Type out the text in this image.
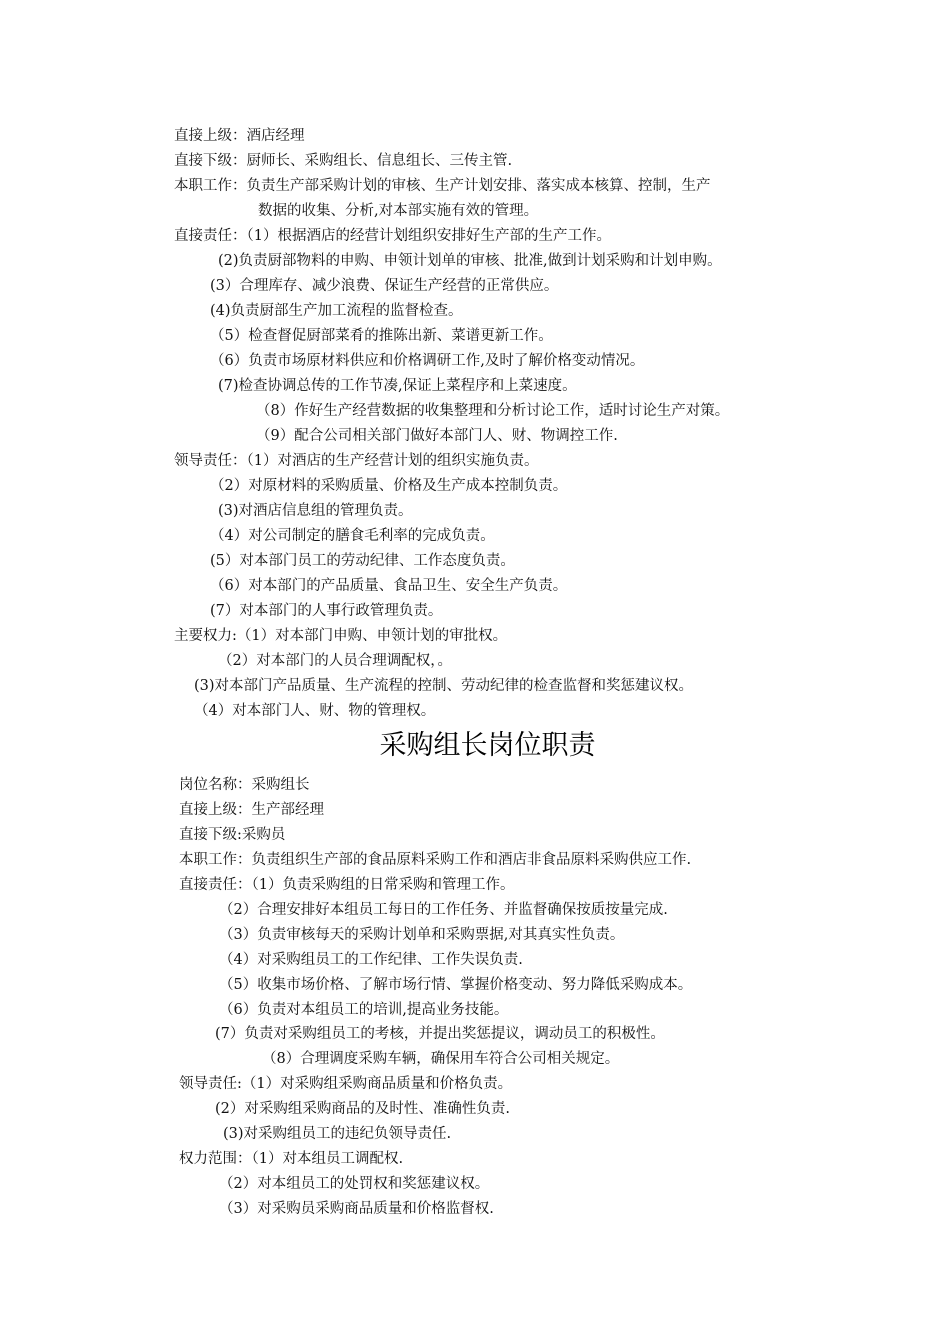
直接上级：酒店经理
直接下级：厨师长、采购组长、信息组长、三传主管.
本职工作：负责生产部采购计划的审核、生产计划安排、落实成本核算、控制，生产
数据的收集、分析,对本部实施有效的管理。
直接责任：（1）根据酒店的经营计划组织安排好生产部的生产工作。
(2)负责厨部物料的申购、申领计划单的审核、批准,做到计划采购和计划申购。
(3）合理库存、减少浪费、保证生产经营的正常供应。
(4)负责厨部生产加工流程的监督检查。
（5）检查督促厨部菜肴的推陈出新、菜谱更新工作。
（6）负责市场原材料供应和价格调研工作,及时了解价格变动情况。
(7)检查协调总传的工作节凑,保证上菜程序和上菜速度。
（8）作好生产经营数据的收集整理和分析讨论工作，适时讨论生产对策。
（9）配合公司相关部门做好本部门人、财、物调控工作.
领导责任：（1）对酒店的生产经营计划的组织实施负责。
（2）对原材料的采购质量、价格及生产成本控制负责。
(3)对酒店信息组的管理负责。
（4）对公司制定的膳食毛利率的完成负责。
(5）对本部门员工的劳动纪律、工作态度负责。
（6）对本部门的产品质量、食品卫生、安全生产负责。
(7）对本部门的人事行政管理负责。
主要权力:（1）对本部门申购、申领计划的审批权。
（2）对本部门的人员合理调配权，。
(3)对本部门产品质量、生产流程的控制、劳动纪律的检查监督和奖惩建议权。
（4）对本部门人、财、物的管理权。
采购组长岗位职责
岗位名称：采购组长
直接上级：生产部经理
直接下级:采购员
本职工作：负责组织生产部的食品原料采购工作和酒店非食品原料采购供应工作.
直接责任：（1）负责采购组的日常采购和管理工作。
（2）合理安排好本组员工每日的工作任务、并监督确保按质按量完成.
（3）负责审核每天的采购计划单和采购票据,对其真实性负责。
（4）对采购组员工的工作纪律、工作失误负责.
（5）收集市场价格、了解市场行情、掌握价格变动、努力降低采购成本。
（6）负责对本组员工的培训,提高业务技能。
(7）负责对采购组员工的考核，并提出奖惩提议，调动员工的积极性。
（8）合理调度采购车辆，确保用车符合公司相关规定。
领导责任:（1）对采购组采购商品质量和价格负责。
(2）对采购组采购商品的及时性、准确性负责.
(3)对采购组员工的违纪负领导责任.
权力范围：（1）对本组员工调配权.
（2）对本组员工的处罚权和奖惩建议权。
（3）对采购员采购商品质量和价格监督权.
